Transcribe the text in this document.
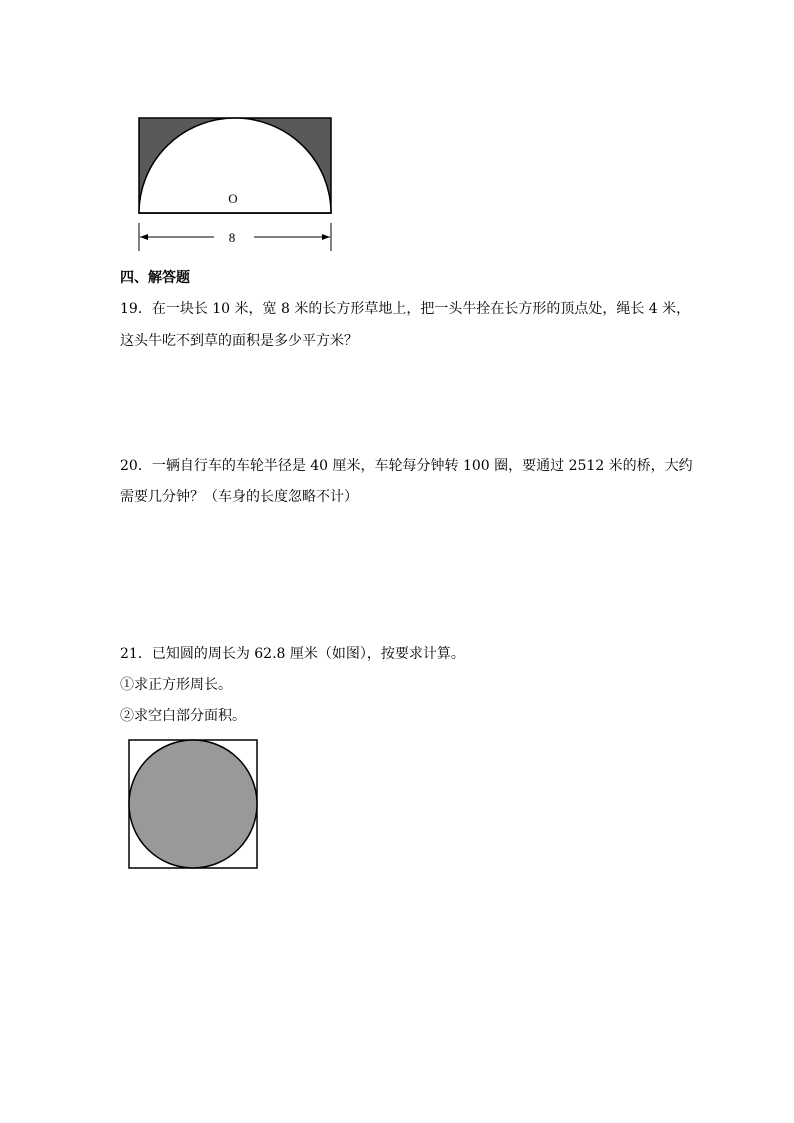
O
8
四、解答题
19．在一块长 10 米，宽 8 米的长方形草地上，把一头牛拴在长方形的顶点处，绳长 4 米，
这头牛吃不到草的面积是多少平方米？
20．一辆自行车的车轮半径是 40 厘米，车轮每分钟转 100 圈，要通过 2512 米的桥，大约
需要几分钟？（车身的长度忽略不计）
21．已知圆的周长为 62.8 厘米（如图），按要求计算。
①求正方形周长。
②求空白部分面积。
